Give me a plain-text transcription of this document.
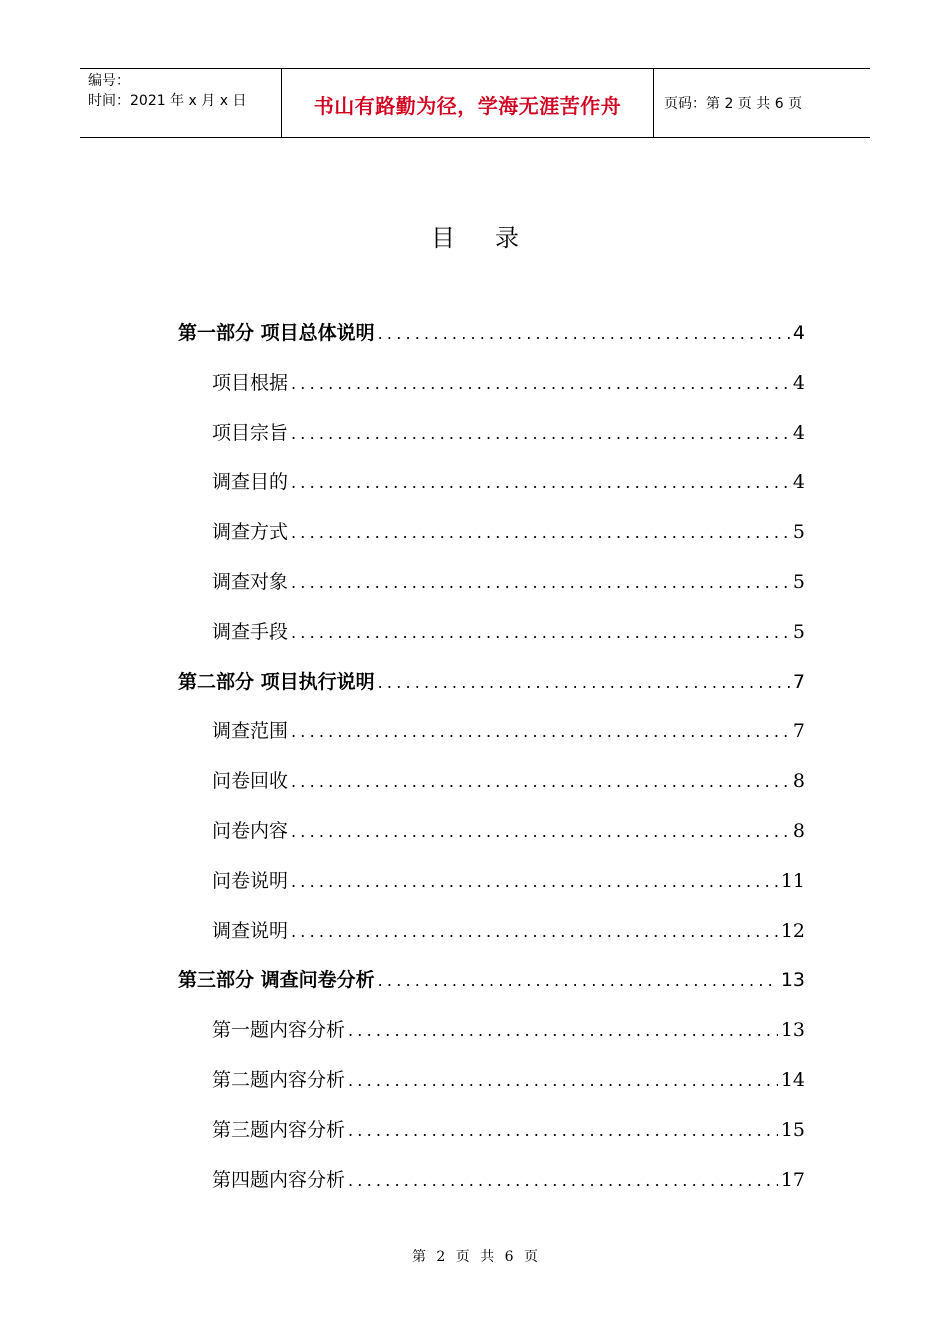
编号：
时间：2021 年 x 月 x 日	书山有路勤为径，学海无涯苦作舟	页码：第 2 页 共 6 页
目录
第一部分 项目总体说明 .....	4
项目根据 .....	4
项目宗旨 .....	4
调查目的 .....	4
调查方式 .....	5
调查对象 .....	5
调查手段 .....	5
第二部分 项目执行说明 .....	7
调查范围 .....	7
问卷回收 .....	8
问卷内容 .....	8
问卷说明 .....	11
调查说明 .....	12
第三部分 调查问卷分析 .....	13
第一题内容分析 .....	13
第二题内容分析 .....	14
第三题内容分析 .....	15
第四题内容分析 .....	17
第 2 页 共 6 页
